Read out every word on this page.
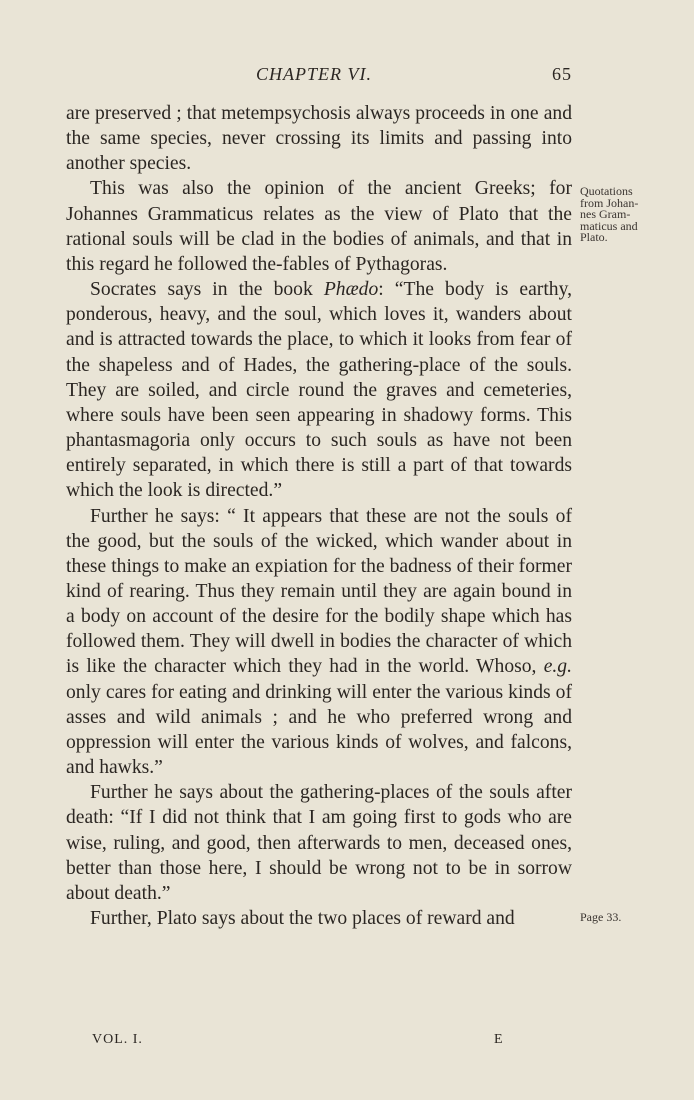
CHAPTER VI.	65

are preserved ; that metempsychosis always proceeds in one and the same species, never crossing its limits and passing into another species.

This was also the opinion of the ancient Greeks; for Johannes Grammaticus relates as the view of Plato that the rational souls will be clad in the bodies of animals, and that in this regard he followed the-fables of Pythagoras.

Socrates says in the book Phædo: “The body is earthy, ponderous, heavy, and the soul, which loves it, wanders about and is attracted towards the place, to which it looks from fear of the shapeless and of Hades, the gathering-place of the souls. They are soiled, and circle round the graves and cemeteries, where souls have been seen appearing in shadowy forms. This phantasmagoria only occurs to such souls as have not been entirely separated, in which there is still a part of that towards which the look is directed.”

Further he says: “ It appears that these are not the souls of the good, but the souls of the wicked, which wander about in these things to make an expiation for the badness of their former kind of rearing. Thus they remain until they are again bound in a body on account of the desire for the bodily shape which has followed them. They will dwell in bodies the character of which is like the character which they had in the world. Whoso, e.g. only cares for eating and drinking will enter the various kinds of asses and wild animals ; and he who preferred wrong and oppression will enter the various kinds of wolves, and falcons, and hawks.”

Further he says about the gathering-places of the souls after death: “If I did not think that I am going first to gods who are wise, ruling, and good, then afterwards to men, deceased ones, better than those here, I should be wrong not to be in sorrow about death.”

Further, Plato says about the two places of reward and

Quotations
from Johan-
nes Gram-
maticus and
Plato.
Page 33.
VOL. I.	E
